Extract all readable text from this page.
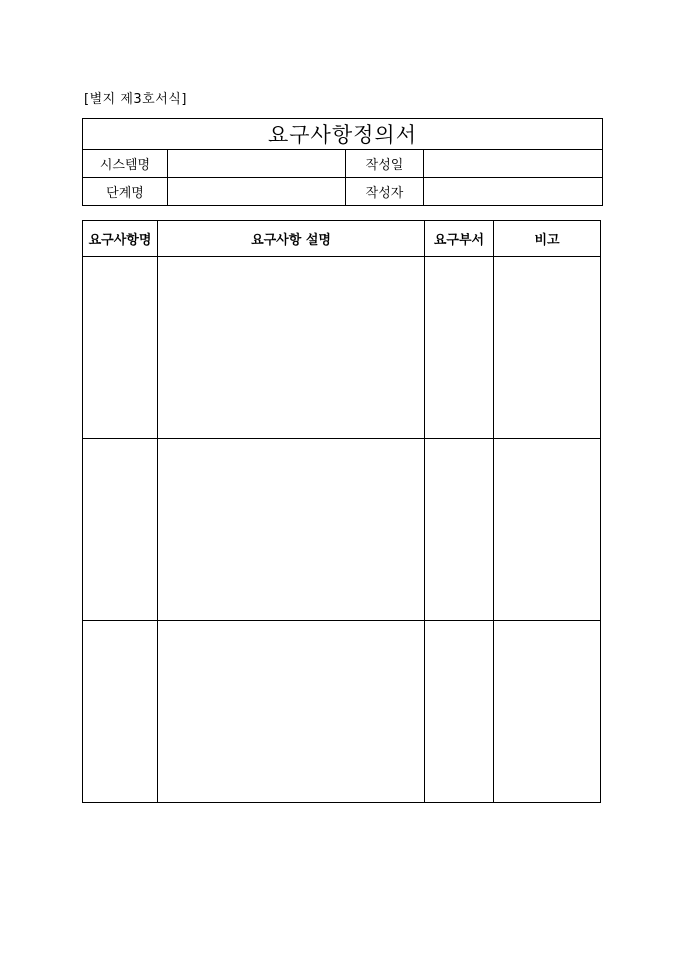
[별지 제3호서식]
요구사항정의서			
시스템명		작성일	
단계명		작성자	
요구사항명	요구사항 설명	요구부서	비고
